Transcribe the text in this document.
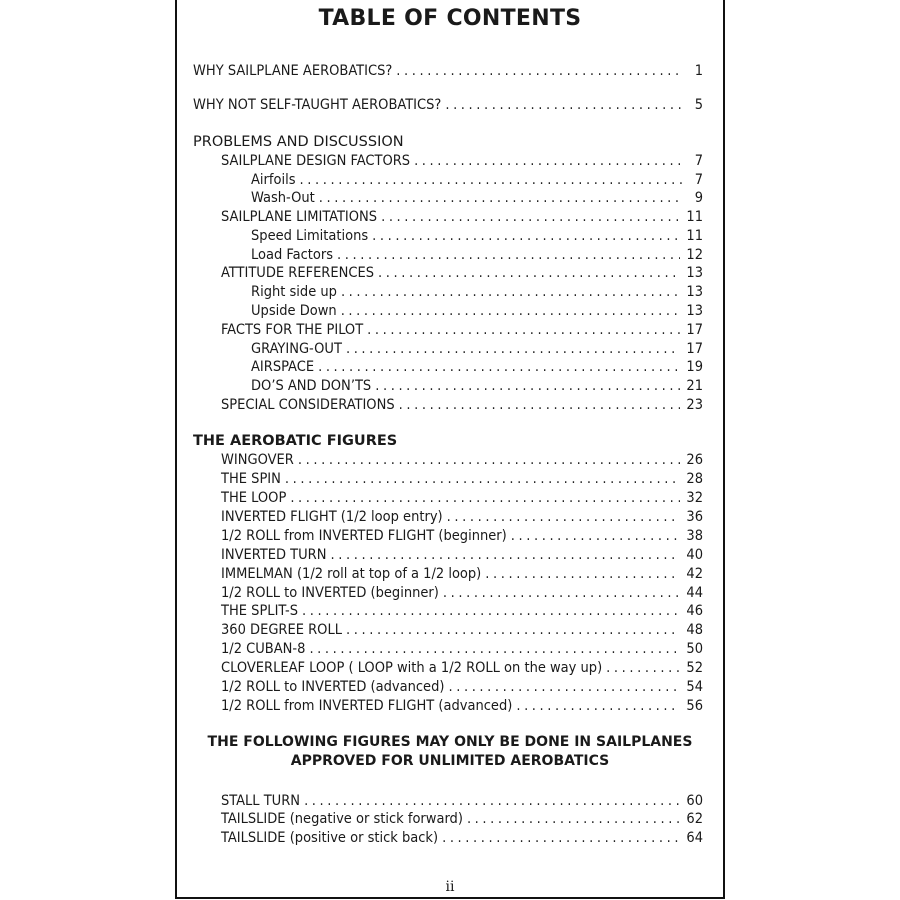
TABLE OF CONTENTS
WHY SAILPLANE AEROBATICS? .....	1
WHY NOT SELF-TAUGHT AEROBATICS? .....	5
PROBLEMS AND DISCUSSION
SAILPLANE DESIGN FACTORS .....	7
Airfoils .....	7
Wash-Out .....	9
SAILPLANE LIMITATIONS .....	11
Speed Limitations .....	11
Load Factors .....	12
ATTITUDE REFERENCES .....	13
Right side up .....	13
Upside Down .....	13
FACTS FOR THE PILOT .....	17
GRAYING-OUT .....	17
AIRSPACE .....	19
DO’S AND DON’TS .....	21
SPECIAL CONSIDERATIONS .....	23
THE AEROBATIC FIGURES
WINGOVER .....	26
THE SPIN .....	28
THE LOOP .....	32
INVERTED FLIGHT (1/2 loop entry) .....	36
1/2 ROLL from INVERTED FLIGHT (beginner) .....	38
INVERTED TURN .....	40
IMMELMAN (1/2 roll at top of a 1/2 loop) .....	42
1/2 ROLL to INVERTED (beginner) .....	44
THE SPLIT-S .....	46
360 DEGREE ROLL .....	48
1/2 CUBAN-8 .....	50
CLOVERLEAF LOOP ( LOOP with a 1/2 ROLL on the way up) .....	52
1/2 ROLL to INVERTED (advanced) .....	54
1/2 ROLL from INVERTED FLIGHT (advanced) .....	56
THE FOLLOWING FIGURES MAY ONLY BE DONE IN SAILPLANES
APPROVED FOR UNLIMITED AEROBATICS
STALL TURN .....	60
TAILSLIDE (negative or stick forward) .....	62
TAILSLIDE (positive or stick back) .....	64
ii
